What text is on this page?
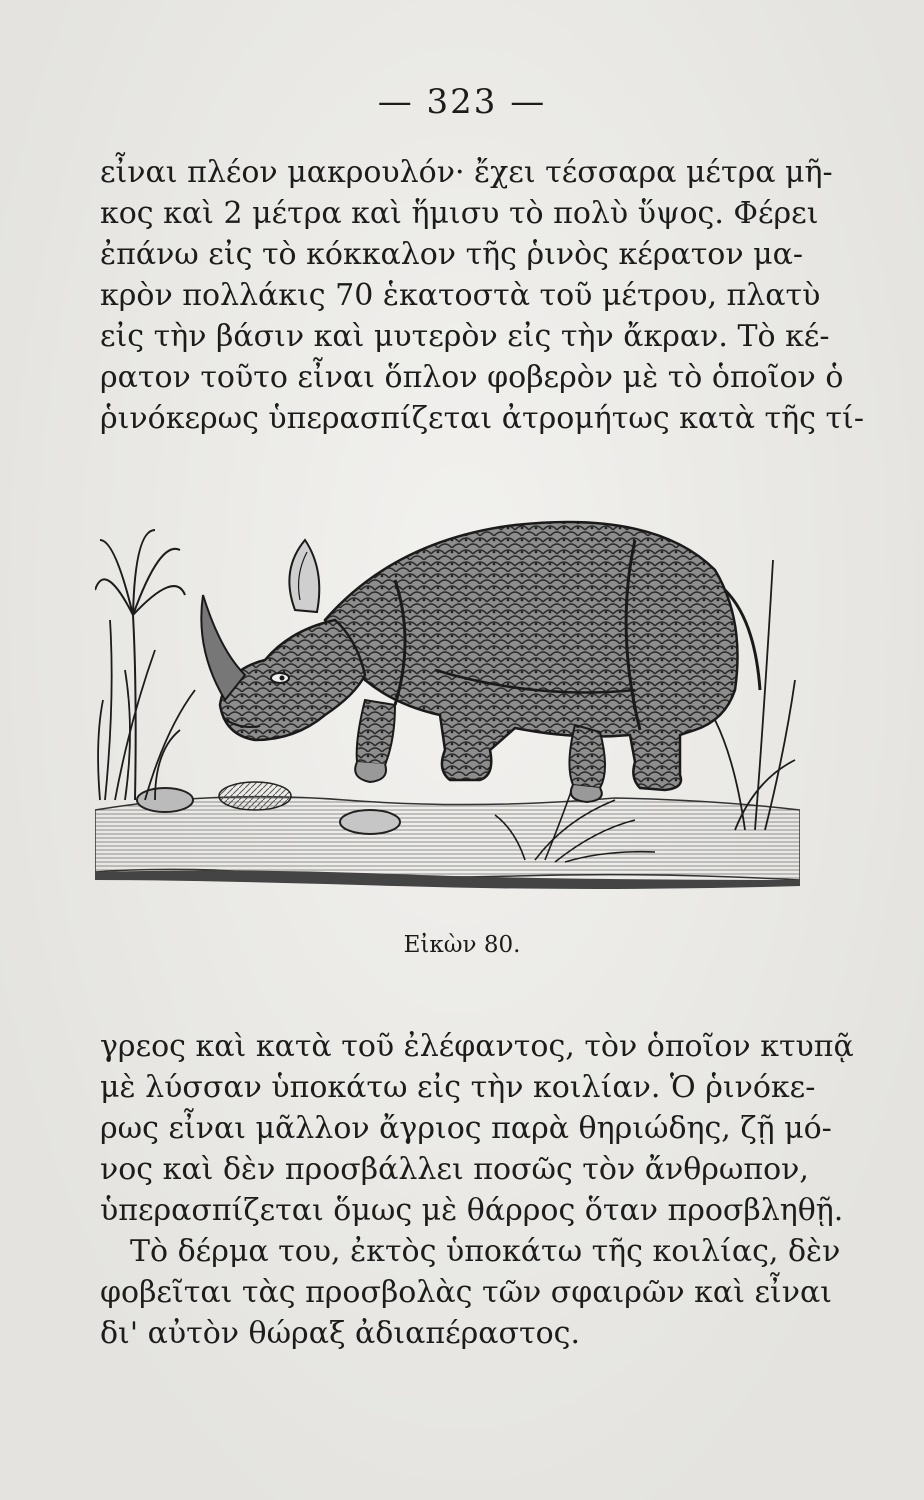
— 323 —
εἶναι πλέον μακρουλόν· ἔχει τέσσαρα μέτρα μῆ-
κος καὶ 2 μέτρα καὶ ἥμισυ τὸ πολὺ ὕψος. Φέρει
ἐπάνω εἰς τὸ κόκκαλον τῆς ῥινὸς κέρατον μα-
κρὸν πολλάκις 70 ἑκατοστὰ τοῦ μέτρου, πλατὺ
εἰς τὴν βάσιν καὶ μυτερὸν εἰς τὴν ἄκραν. Τὸ κέ-
ρατον τοῦτο εἶναι ὅπλον φοβερὸν μὲ τὸ ὁποῖον ὁ
ῥινόκερως ὑπερασπίζεται ἀτρομήτως κατὰ τῆς τί-
Εἰκὼν 80.
γρεος καὶ κατὰ τοῦ ἐλέφαντος, τὸν ὁποῖον κτυπᾷ
μὲ λύσσαν ὑποκάτω εἰς τὴν κοιλίαν. Ὁ ῥινόκε-
ρως εἶναι μᾶλλον ἄγριος παρὰ θηριώδης, ζῇ μό-
νος καὶ δὲν προσβάλλει ποσῶς τὸν ἄνθρωπον,
ὑπερασπίζεται ὅμως μὲ θάρρος ὅταν προσβληθῇ.
Τὸ δέρμα του, ἐκτὸς ὑποκάτω τῆς κοιλίας, δὲν
φοβεῖται τὰς προσβολὰς τῶν σφαιρῶν καὶ εἶναι
δι' αὐτὸν θώραξ ἀδιαπέραστος.
